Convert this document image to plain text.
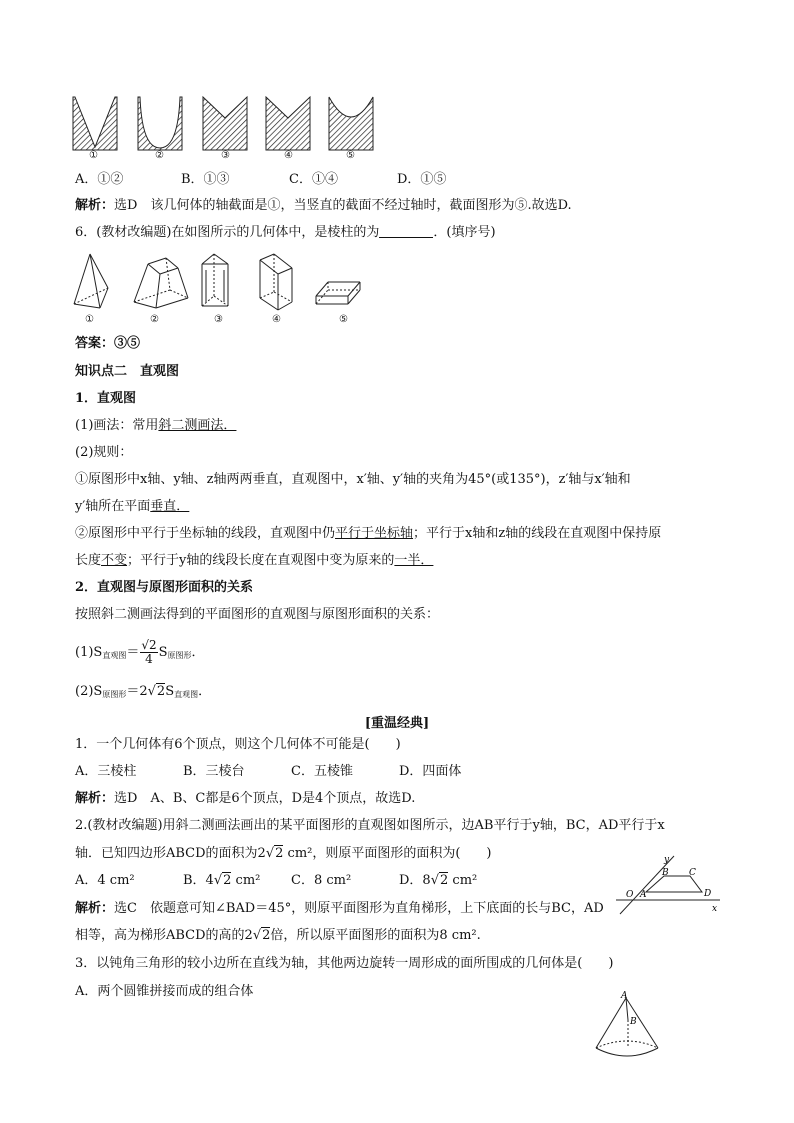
①	②	③	④	⑤
A．①②	B．①③	C．①④	D．①⑤
解析：选D　该几何体的轴截面是①，当竖直的截面不经过轴时，截面图形为⑤.故选D.
6．(教材改编题)在如图所示的几何体中，是棱柱的为	．(填序号)
①	②	③	④	⑤
答案：③⑤
知识点二　直观图
1．直观图
(1)画法：常用斜二测画法．
(2)规则：
①原图形中x轴、y轴、z轴两两垂直，直观图中，x′轴、y′轴的夹角为45°(或135°)，z′轴与x′轴和
y′轴所在平面垂直．
②原图形中平行于坐标轴的线段，直观图中仍平行于坐标轴；平行于x轴和z轴的线段在直观图中保持原
长度不变；平行于y轴的线段长度在直观图中变为原来的一半．
2．直观图与原图形面积的关系
按照斜二测画法得到的平面图形的直观图与原图形面积的关系：
$(1)S_{直观图}= \frac{√2}{4} S_{原图形}$．
$(2)S_{原图形}=2√2S_{直观图}$．
[重温经典]
1．一个几何体有6个顶点，则这个几何体不可能是(　　)
A．三棱柱	B．三棱台	C．五棱锥	D．四面体
解析：选D　A、B、C都是6个顶点，D是4个顶点，故选D.
2.(教材改编题)用斜二测画法画出的某平面图形的直观图如图所示，边AB平行于y轴，BC，AD平行于x
轴．已知四边形ABCD的面积为2√2 cm²，则原平面图形的面积为(　　)
A．4 cm²	B．4√2 cm² C．8 cm²	D．8√2 cm²
y
B C
O A	D
x
解析：选C　依题意可知∠BAD＝45°，则原平面图形为直角梯形，上下底面的长与BC，AD
相等，高为梯形ABCD的高的2√2倍，所以原平面图形的面积为8 cm².
3．以钝角三角形的较小边所在直线为轴，其他两边旋转一周形成的面所围成的几何体是(　　)
A．两个圆锥拼接而成的组合体	A
B
